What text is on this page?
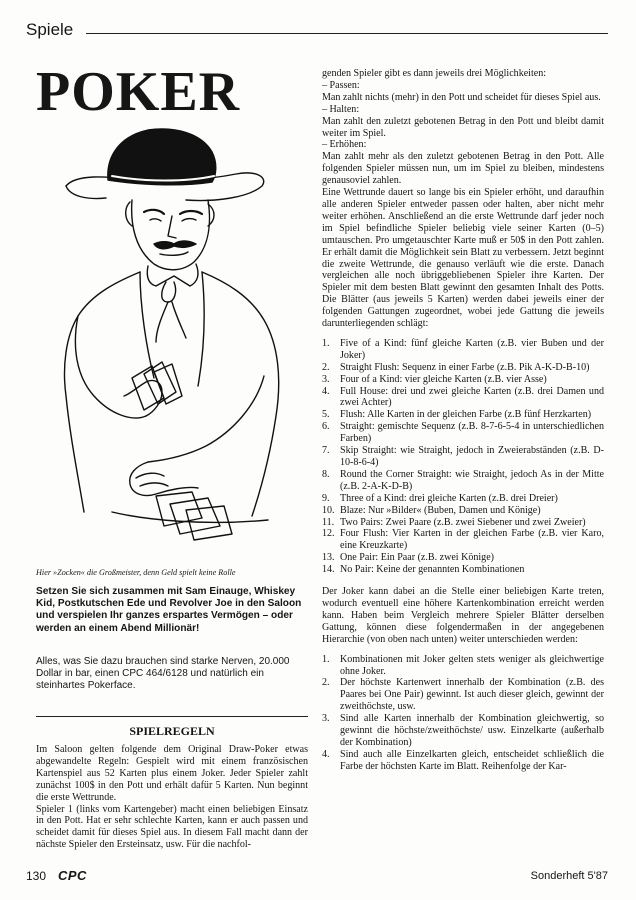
Spiele
POKER
Hier »Zocken« die Großmeister, denn Geld spielt keine Rolle
Setzen Sie sich zusammen mit Sam Einauge, Whiskey Kid, Postkutschen Ede und Revolver Joe in den Saloon und verspielen Ihr ganzes erspartes Vermögen – oder werden an einem Abend Millionär!
Alles, was Sie dazu brauchen sind starke Nerven, 20.000 Dollar in bar, einen CPC 464/6128 und natürlich ein steinhartes Pokerface.
SPIELREGELN

Im Saloon gelten folgende dem Original Draw-Poker etwas abgewandelte Regeln: Gespielt wird mit einem französischen Kartenspiel aus 52 Karten plus einem Joker. Jeder Spieler zahlt zunächst 100$ in den Pott und erhält dafür 5 Karten. Nun beginnt die erste Wettrunde.

Spieler 1 (links vom Kartengeber) macht einen beliebigen Einsatz in den Pott. Hat er sehr schlechte Karten, kann er auch passen und scheidet damit für dieses Spiel aus. In diesem Fall macht dann der nächste Spieler den Ersteinsatz, usw. Für die nachfol-

genden Spieler gibt es dann jeweils drei Möglichkeiten:

– Passen:

Man zahlt nichts (mehr) in den Pott und scheidet für dieses Spiel aus.

– Halten:

Man zahlt den zuletzt gebotenen Betrag in den Pott und bleibt damit weiter im Spiel.

– Erhöhen:

Man zahlt mehr als den zuletzt gebotenen Betrag in den Pott. Alle folgenden Spieler müssen nun, um im Spiel zu bleiben, mindestens genausoviel zahlen.

Eine Wettrunde dauert so lange bis ein Spieler erhöht, und daraufhin alle anderen Spieler entweder passen oder halten, aber nicht mehr weiter erhöhen. Anschließend an die erste Wettrunde darf jeder noch im Spiel befindliche Spieler beliebig viele seiner Karten (0–5) umtauschen. Pro umgetauschter Karte muß er 50$ in den Pott zahlen. Er erhält damit die Möglichkeit sein Blatt zu verbessern. Jetzt beginnt die zweite Wettrunde, die genauso verläuft wie die erste. Danach vergleichen alle noch übriggebliebenen Spieler ihre Karten. Der Spieler mit dem besten Blatt gewinnt den gesamten Inhalt des Potts. Die Blätter (aus jeweils 5 Karten) werden dabei jeweils einer der folgenden Gattungen zugeordnet, wobei jede Gattung die jeweils darunterliegenden schlägt:

1. Five of a Kind: fünf gleiche Karten (z.B. vier Buben und der Joker)
2. Straight Flush: Sequenz in einer Farbe (z.B. Pik A-K-D-B-10)
3. Four of a Kind: vier gleiche Karten (z.B. vier Asse)
4. Full House: drei und zwei gleiche Karten (z.B. drei Damen und zwei Achter)
5. Flush: Alle Karten in der gleichen Farbe (z.B fünf Herzkarten)
6. Straight: gemischte Sequenz (z.B. 8-7-6-5-4 in unterschiedlichen Farben)
7. Skip Straight: wie Straight, jedoch in Zweierabständen (z.B. D-10-8-6-4)
8. Round the Corner Straight: wie Straight, jedoch As in der Mitte (z.B. 2-A-K-D-B)
9. Three of a Kind: drei gleiche Karten (z.B. drei Dreier)
10. Blaze: Nur »Bilder« (Buben, Damen und Könige)
11. Two Pairs: Zwei Paare (z.B. zwei Siebener und zwei Zweier)
12. Four Flush: Vier Karten in der gleichen Farbe (z.B. vier Karo, eine Kreuzkarte)
13. One Pair: Ein Paar (z.B. zwei Könige)
14. No Pair: Keine der genannten Kombinationen

Der Joker kann dabei an die Stelle einer beliebigen Karte treten, wodurch eventuell eine höhere Kartenkombination erreicht werden kann. Haben beim Vergleich mehrere Spieler Blätter derselben Gattung, können diese folgendermaßen in der angegebenen Hierarchie (von oben nach unten) weiter unterschieden werden:

1. Kombinationen mit Joker gelten stets weniger als gleichwertige ohne Joker.
2. Der höchste Kartenwert innerhalb der Kombination (z.B. des Paares bei One Pair) gewinnt. Ist auch dieser gleich, gewinnt der zweithöchste, usw.
3. Sind alle Karten innerhalb der Kombination gleichwertig, so gewinnt die höchste/zweithöchste/ usw. Einzelkarte (außerhalb der Kombination)
4. Sind auch alle Einzelkarten gleich, entscheidet schließlich die Farbe der höchsten Karte im Blatt. Reihenfolge der Kar-
130 CPC	Sonderheft 5'87
